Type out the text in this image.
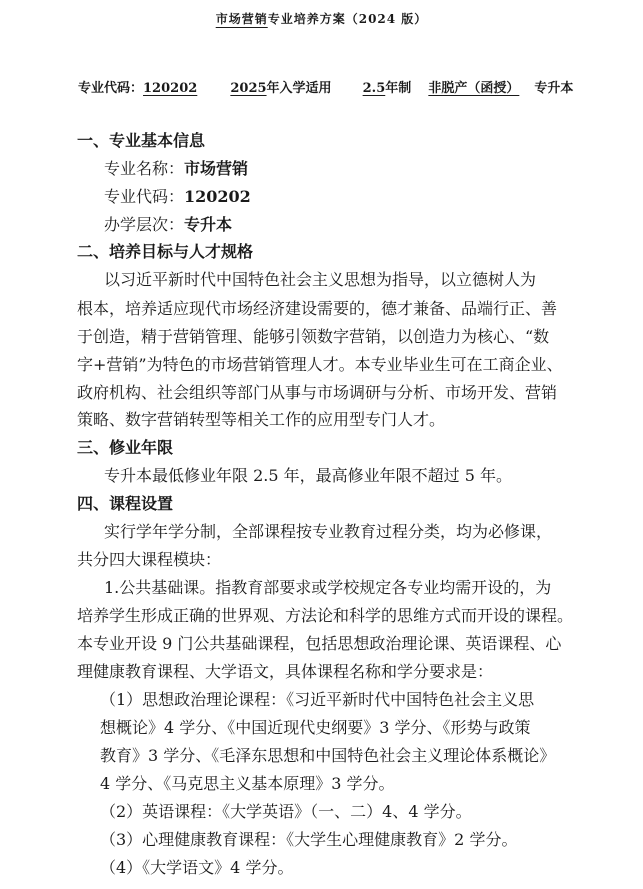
市场营销专业培养方案（2024 版）
专业代码：120202	2025年入学适用 2.5年制 非脱产（函授） 专升本
一、专业基本信息
专业名称：市场营销
专业代码：120202
办学层次：专升本
二、培养目标与人才规格
以习近平新时代中国特色社会主义思想为指导，以立德树人为
根本，培养适应现代市场经济建设需要的，德才兼备、品端行正、善
于创造，精于营销管理、能够引领数字营销，以创造力为核心、“数
字+营销”为特色的市场营销管理人才。本专业毕业生可在工商企业、
政府机构、社会组织等部门从事与市场调研与分析、市场开发、营销
策略、数字营销转型等相关工作的应用型专门人才。
三、修业年限
专升本最低修业年限 2.5 年，最高修业年限不超过 5 年。
四、课程设置
实行学年学分制，全部课程按专业教育过程分类，均为必修课，
共分四大课程模块：
1.公共基础课。指教育部要求或学校规定各专业均需开设的，为
培养学生形成正确的世界观、方法论和科学的思维方式而开设的课程。
本专业开设 9 门公共基础课程，包括思想政治理论课、英语课程、心
理健康教育课程、大学语文，具体课程名称和学分要求是：
（1）思想政治理论课程：《习近平新时代中国特色社会主义思
想概论》4 学分、《中国近现代史纲要》3 学分、《形势与政策
教育》3 学分、《毛泽东思想和中国特色社会主义理论体系概论》
4 学分、《马克思主义基本原理》3 学分。
（2）英语课程：《大学英语》（一、二）4、4 学分。
（3）心理健康教育课程：《大学生心理健康教育》2 学分。
（4）《大学语文》4 学分。
